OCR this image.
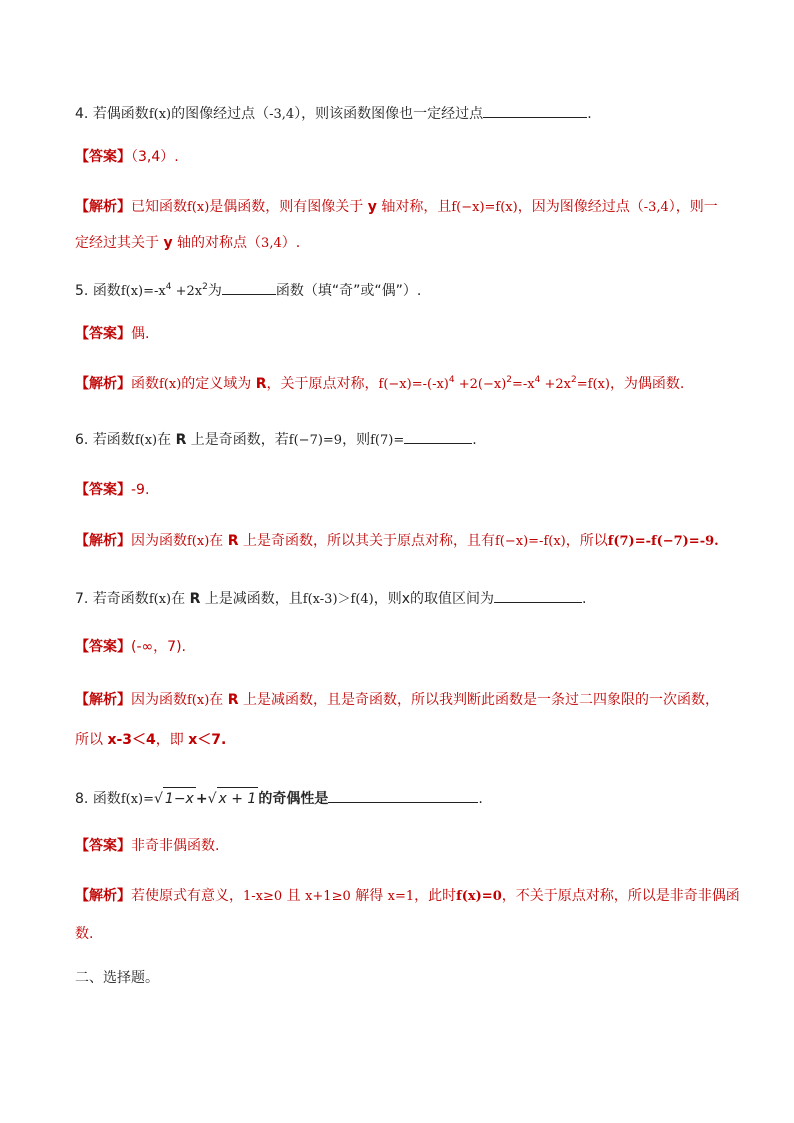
4. 若偶函数f(x)的图像经过点（-3,4），则该函数图像也一定经过点	.
【答案】（3,4）.
【解析】已知函数f(x)是偶函数，则有图像关于 y 轴对称，且f(−x)=f(x)，因为图像经过点（-3,4），则一
定经过其关于 y 轴的对称点（3,4）.
5. 函数$f(x)=-x^4 +2x^2$为	函数（填“奇”或“偶”）.
【答案】偶.
【解析】函数f(x)的定义域为 R，关于原点对称，$f(-x)=-(-x)^4 +2(-x)^2=-x^4 +2x^2=f(x)$，为偶函数.
6. 若函数f(x)在 R 上是奇函数，若f(−7)=9，则f(7)=	.
【答案】-9.
【解析】因为函数f(x)在 R 上是奇函数，所以其关于原点对称，且有f(−x)=-f(x)，所以f(7)=-f(−7)=-9.
7. 若奇函数f(x)在 R 上是减函数，且f(x-3)＞f(4)，则x的取值区间为	.
【答案】(-∞，7).
【解析】因为函数f(x)在 R 上是减函数，且是奇函数，所以我判断此函数是一条过二四象限的一次函数，
所以 x-3＜4，即 x＜7.
8. 函数f(x)=√ 1−x +√ x + 1 的奇偶性是	.
【答案】非奇非偶函数.
【解析】若使原式有意义，1-x≥0 且 x+1≥0 解得 x=1，此时f(x)=0，不关于原点对称，所以是非奇非偶函
数.
二、选择题。
